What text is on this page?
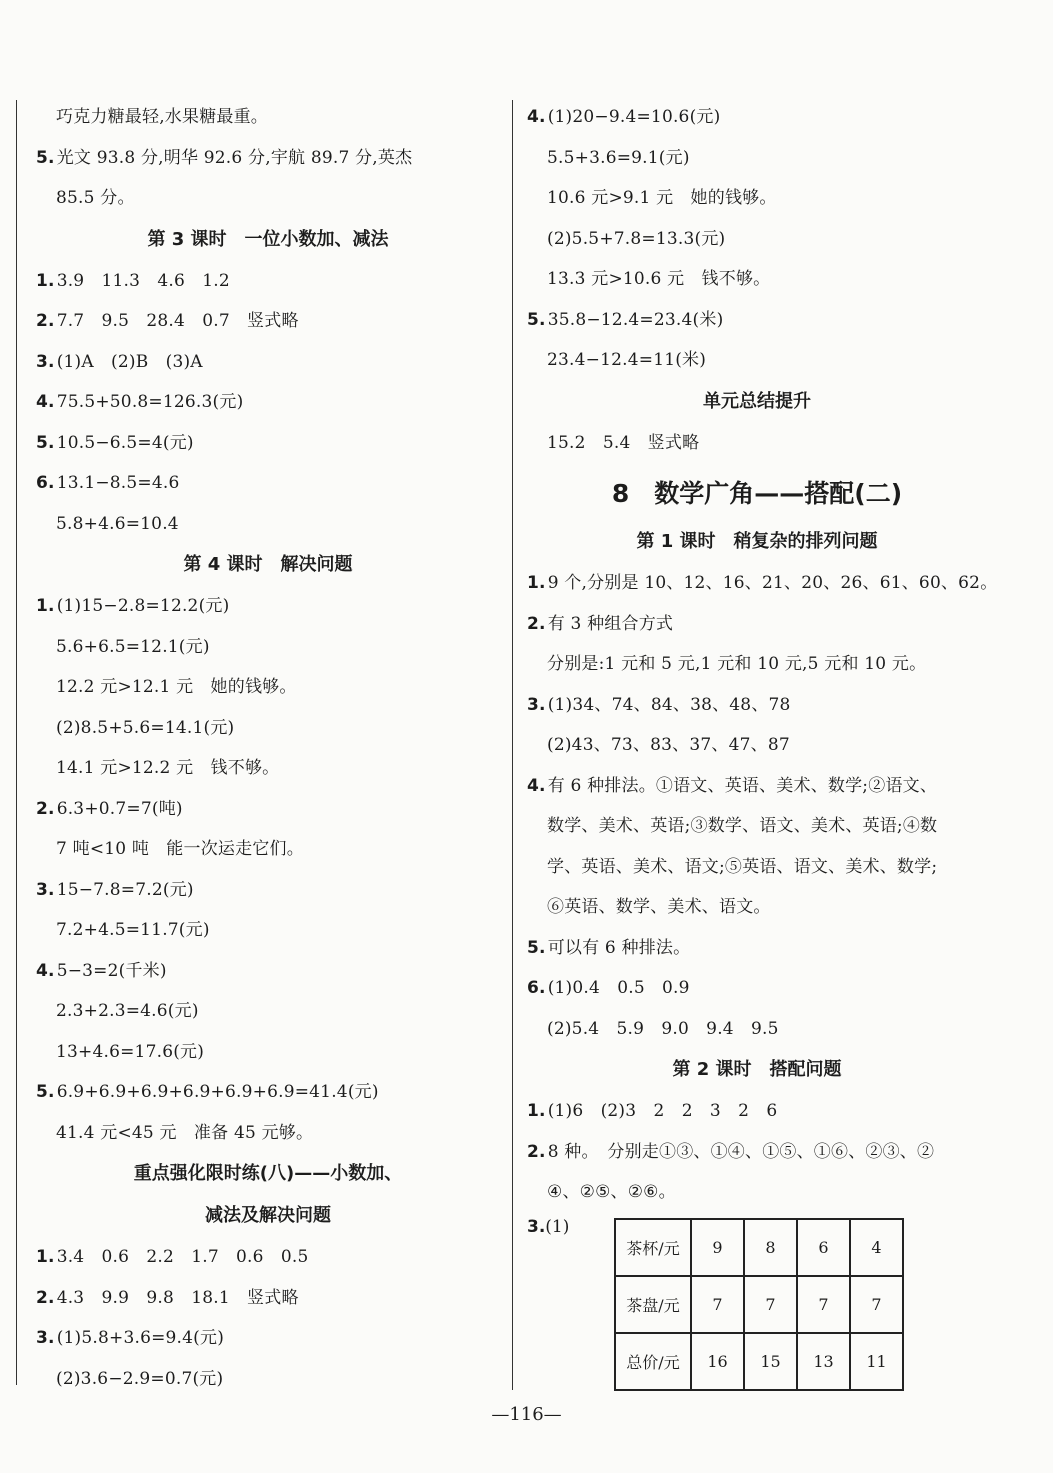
巧克力糖最轻,水果糖最重。
5. 光文 93.8 分,明华 92.6 分,宇航 89.7 分,英杰
85.5 分。
第 3 课时　一位小数加、减法
1. 3.9　11.3　4.6　1.2
2. 7.7　9.5　28.4　0.7　竖式略
3. (1)A　(2)B　(3)A
4. 75.5+50.8=126.3(元)
5. 10.5−6.5=4(元)
6. 13.1−8.5=4.6
5.8+4.6=10.4
第 4 课时　解决问题
1. (1)15−2.8=12.2(元)
5.6+6.5=12.1(元)
12.2 元>12.1 元　她的钱够。
(2)8.5+5.6=14.1(元)
14.1 元>12.2 元　钱不够。
2. 6.3+0.7=7(吨)
7 吨<10 吨　能一次运走它们。
3. 15−7.8=7.2(元)
7.2+4.5=11.7(元)
4. 5−3=2(千米)
2.3+2.3=4.6(元)
13+4.6=17.6(元)
5. 6.9+6.9+6.9+6.9+6.9+6.9=41.4(元)
41.4 元<45 元　准备 45 元够。
重点强化限时练(八)——小数加、
减法及解决问题
1. 3.4　0.6　2.2　1.7　0.6　0.5
2. 4.3　9.9　9.8　18.1　竖式略
3. (1)5.8+3.6=9.4(元)
(2)3.6−2.9=0.7(元)
4. (1)20−9.4=10.6(元)
5.5+3.6=9.1(元)
10.6 元>9.1 元　她的钱够。
(2)5.5+7.8=13.3(元)
13.3 元>10.6 元　钱不够。
5. 35.8−12.4=23.4(米)
23.4−12.4=11(米)
单元总结提升
15.2　5.4　竖式略
8　数学广角——搭配(二)
第 1 课时　稍复杂的排列问题
1. 9 个,分别是 10、12、16、21、20、26、61、60、62。
2. 有 3 种组合方式
分别是:1 元和 5 元,1 元和 10 元,5 元和 10 元。
3. (1)34、74、84、38、48、78
(2)43、73、83、37、47、87
4. 有 6 种排法。①语文、英语、美术、数学;②语文、
数学、美术、英语;③数学、语文、美术、英语;④数
学、英语、美术、语文;⑤英语、语文、美术、数学;
⑥英语、数学、美术、语文。
5. 可以有 6 种排法。
6. (1)0.4　0.5　0.9
(2)5.4　5.9　9.0　9.4　9.5
第 2 课时　搭配问题
1. (1)6　(2)3　2　2　3　2　6
2. 8 种。　分别走①③、①④、①⑤、①⑥、②③、②
④、②⑤、②⑥。
3.(1)
茶杯/元	9	8	6	4
茶盘/元	7	7	7	7
总价/元	16	15	13	11
—116—
